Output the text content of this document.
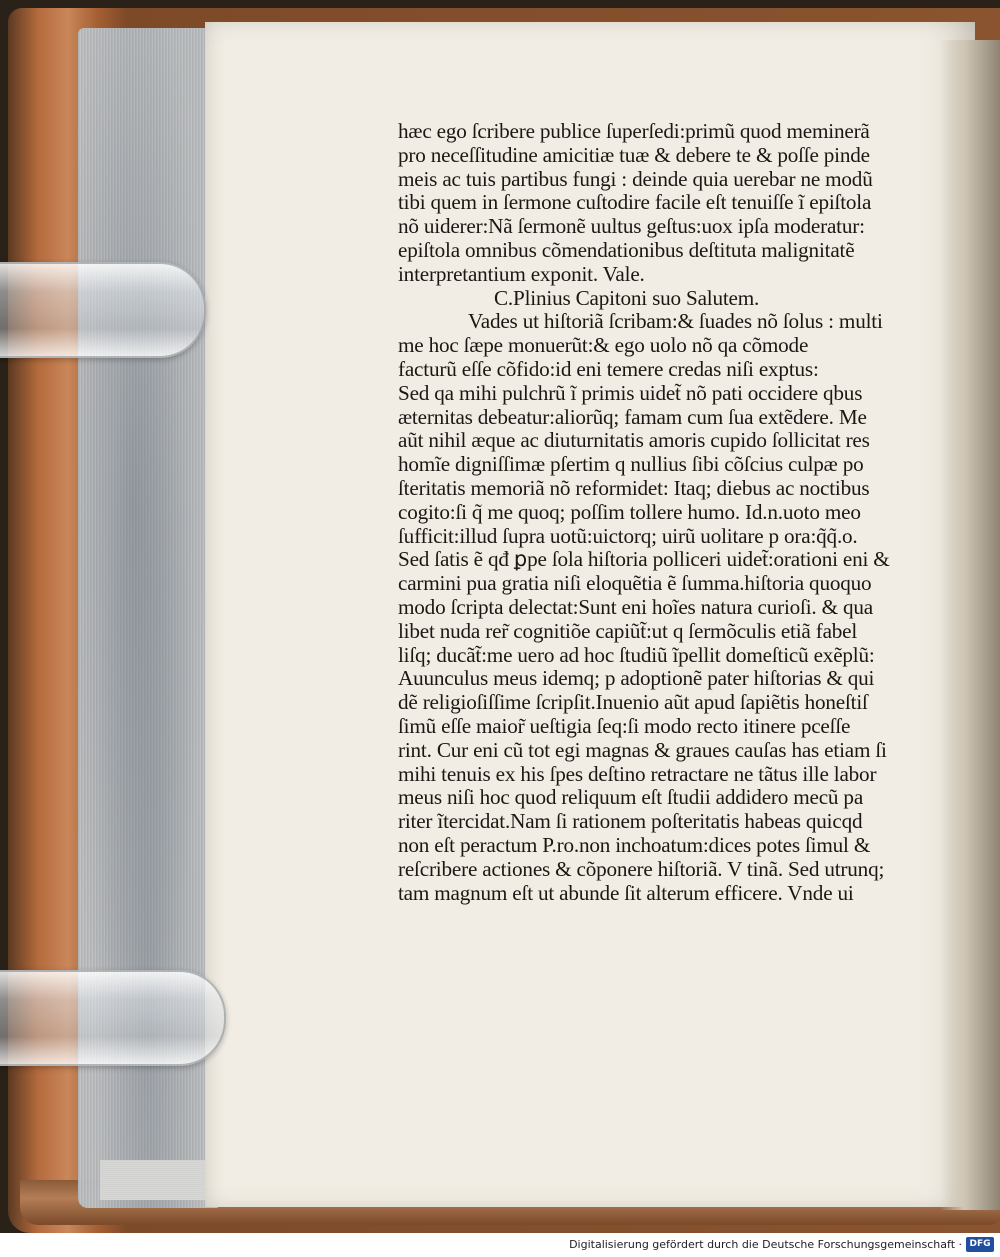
hæc ego ſcribere publice ſuperſedi:primũ quod meminerã
pro neceſſitudine amicitiæ tuæ & debere te & poſſe pinde
meis ac tuis partibus fungi : deinde quia uerebar ne modũ
tibi quem in ſermone cuſtodire facile eſt tenuiſſe ĩ epiſtola
nõ uiderer:Nã ſermonẽ uultus geſtus:uox ipſa moderatur:
epiſtola omnibus cõmendationibus deſtituta malignitatẽ
interpretantium exponit. Vale.
C.Plinius Capitoni suo Salutem.
Vades ut hiſtoriã ſcribam:& ſuades nõ ſolus : multi
me hoc ſæpe monuerũt:& ego uolo nõ qa cõmode
facturũ eſſe cõfido:id eni temere credas niſi exptus:
Sed qa mihi pulchrũ ĩ primis uidet̃ nõ pati occidere qbus
æternitas debeatur:aliorũq; famam cum ſua extẽdere. Me
aũt nihil æque ac diuturnitatis amoris cupido ſollicitat res
homĩe digniſſimæ pſertim q nullius ſibi cõſcius culpæ po
ſteritatis memoriã nõ reformidet: Itaq; diebus ac noctibus
cogito:ſi q̃ me quoq; poſſim tollere humo. Id.n.uoto meo
ſufficit:illud ſupra uotũ:uictorq; uirũ uolitare p ora:q̃q̃.o.
Sed ſatis ẽ qđ ꝑpe ſola hiſtoria polliceri uidet̃:orationi eni &
carmini pua gratia niſi eloquẽtia ẽ ſumma.hiſtoria quoquo
modo ſcripta delectat:Sunt eni hoĩes natura curioſi. & qua
libet nuda rer̃ cognitiõe capiũt̃:ut q ſermõculis etiã fabel
liſq; ducãt̃:me uero ad hoc ſtudiũ ĩpellit domeſticũ exẽplũ:
Auunculus meus idemq; p adoptionẽ pater hiſtorias & qui
dẽ religioſiſſime ſcripſit.Inuenio aũt apud ſapiẽtis honeſtiſ
ſimũ eſſe maior̃ ueſtigia ſeq:ſi modo recto itinere pceſſe
rint. Cur eni cũ tot egi magnas & graues cauſas has etiam ſi
mihi tenuis ex his ſpes deſtino retractare ne tãtus ille labor
meus niſi hoc quod reliquum eſt ſtudii addidero mecũ pa
riter ĩtercidat.Nam ſi rationem poſteritatis habeas quicqd
non eſt peractum P.ro.non inchoatum:dices potes ſimul &
reſcribere actiones & cõponere hiſtoriã. V tinã. Sed utrunq;
tam magnum eſt ut abunde ſit alterum efficere. Vnde ui
Digitalisierung gefördert durch die Deutsche Forschungsgemeinschaft · DFG
